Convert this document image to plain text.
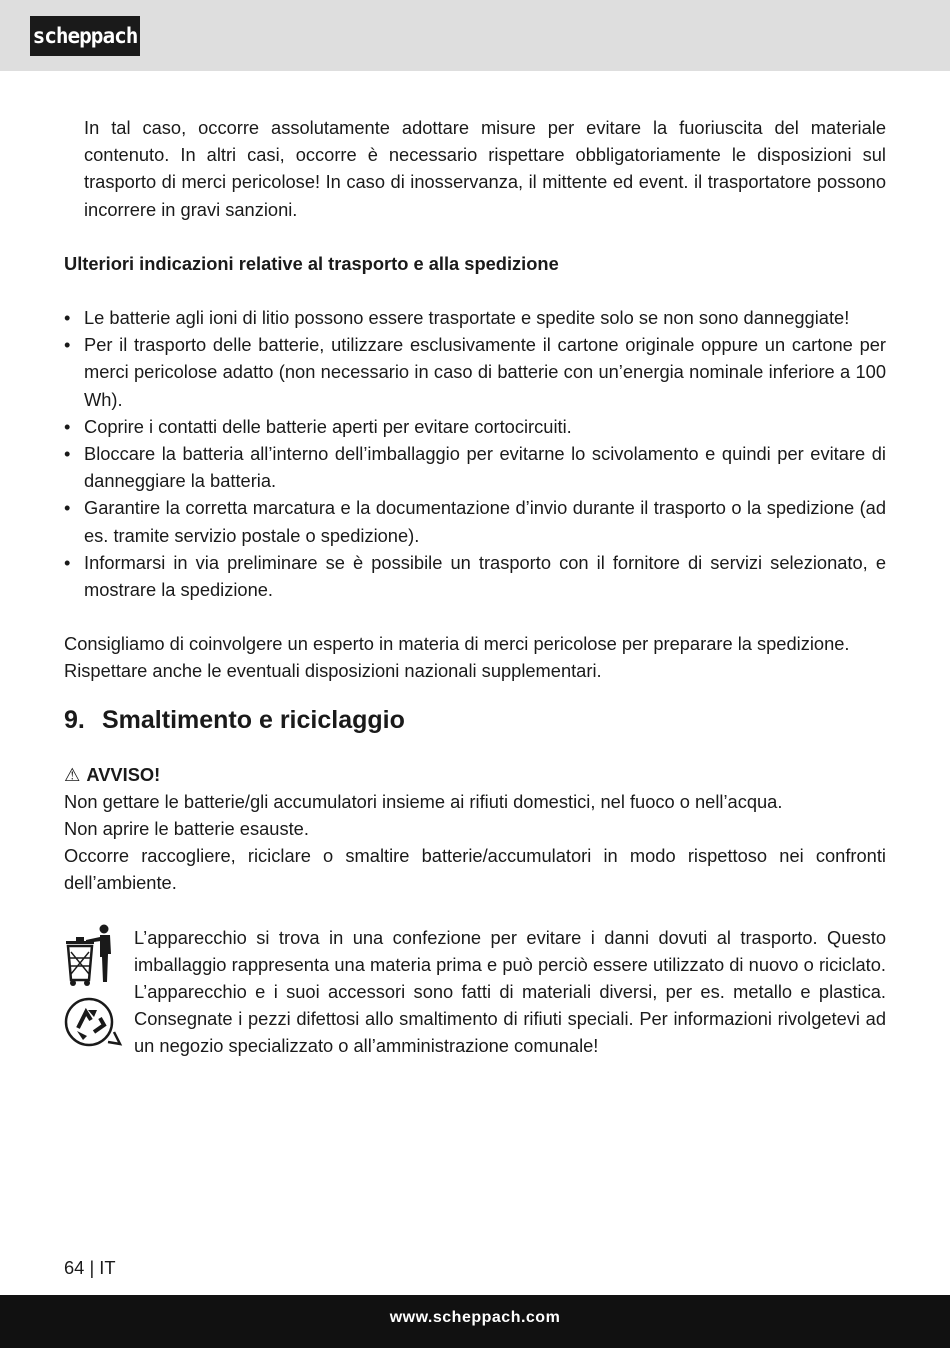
scheppach

In tal caso, occorre assolutamente adottare misure per evitare la fuoriuscita del materiale contenuto. In altri casi, occorre è necessario rispettare obbligatoriamente le disposizioni sul trasporto di merci pericolose! In caso di inosservanza, il mittente ed event. il trasportatore possono incorrere in gravi sanzioni.

Ulteriori indicazioni relative al trasporto e alla spedizione

• Le batterie agli ioni di litio possono essere trasportate e spedite solo se non sono danneggiate!
• Per il trasporto delle batterie, utilizzare esclusivamente il cartone originale oppure un cartone per merci pericolose adatto (non necessario in caso di batterie con un’energia nominale inferiore a 100 Wh).
• Coprire i contatti delle batterie aperti per evitare cortocircuiti.
• Bloccare la batteria all’interno dell’imballaggio per evitarne lo scivolamento e quindi per evitare di danneggiare la batteria.
• Garantire la corretta marcatura e la documentazione d’invio durante il trasporto o la spedizione (ad es. tramite servizio postale o spedizione).
• Informarsi in via preliminare se è possibile un trasporto con il fornitore di servizi selezionato, e mostrare la spedizione.

Consigliamo di coinvolgere un esperto in materia di merci pericolose per preparare la spedizione.

Rispettare anche le eventuali disposizioni nazionali supplementari.

9. Smaltimento e riciclaggio

⚠ AVVISO!

Non gettare le batterie/gli accumulatori insieme ai rifiuti domestici, nel fuoco o nell’acqua.

Non aprire le batterie esauste.

Occorre raccogliere, riciclare o smaltire batterie/accumulatori in modo rispettoso nei confronti dell’ambiente.

L’apparecchio si trova in una confezione per evitare i danni dovuti al trasporto. Questo imballaggio rappresenta una materia prima e può perciò essere utilizzato di nuovo o riciclato. L’apparecchio e i suoi accessori sono fatti di materiali diversi, per es. metallo e plastica. Consegnate i pezzi difettosi allo smaltimento di rifiuti speciali. Per informazioni rivolgetevi ad un negozio specializzato o all’amministrazione comunale!

64 | IT
www.scheppach.com
